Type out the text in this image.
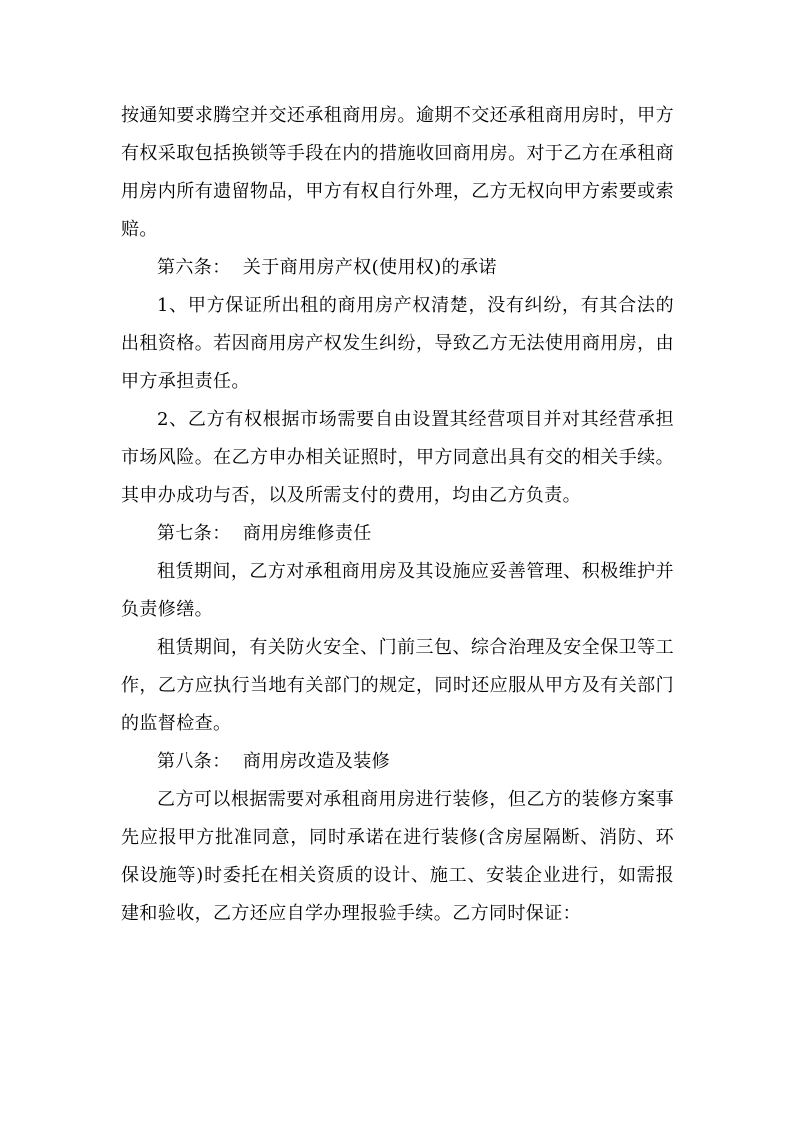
按通知要求腾空并交还承租商用房。逾期不交还承租商用房时，甲方有权采取包括换锁等手段在内的措施收回商用房。对于乙方在承租商用房内所有遗留物品，甲方有权自行外理，乙方无权向甲方索要或索赔。

第六条：  关于商用房产权(使用权)的承诺

1、甲方保证所出租的商用房产权清楚，没有纠纷，有其合法的出租资格。若因商用房产权发生纠纷，导致乙方无法使用商用房，由甲方承担责任。

2、乙方有权根据市场需要自由设置其经营项目并对其经营承担市场风险。在乙方申办相关证照时，甲方同意出具有交的相关手续。其申办成功与否，以及所需支付的费用，均由乙方负责。

第七条：  商用房维修责任

租赁期间，乙方对承租商用房及其设施应妥善管理、积极维护并负责修缮。

租赁期间，有关防火安全、门前三包、综合治理及安全保卫等工作，乙方应执行当地有关部门的规定，同时还应服从甲方及有关部门的监督检查。

第八条：  商用房改造及装修

乙方可以根据需要对承租商用房进行装修，但乙方的装修方案事先应报甲方批准同意，同时承诺在进行装修(含房屋隔断、消防、环保设施等)时委托在相关资质的设计、施工、安装企业进行，如需报建和验收，乙方还应自学办理报验手续。乙方同时保证：
